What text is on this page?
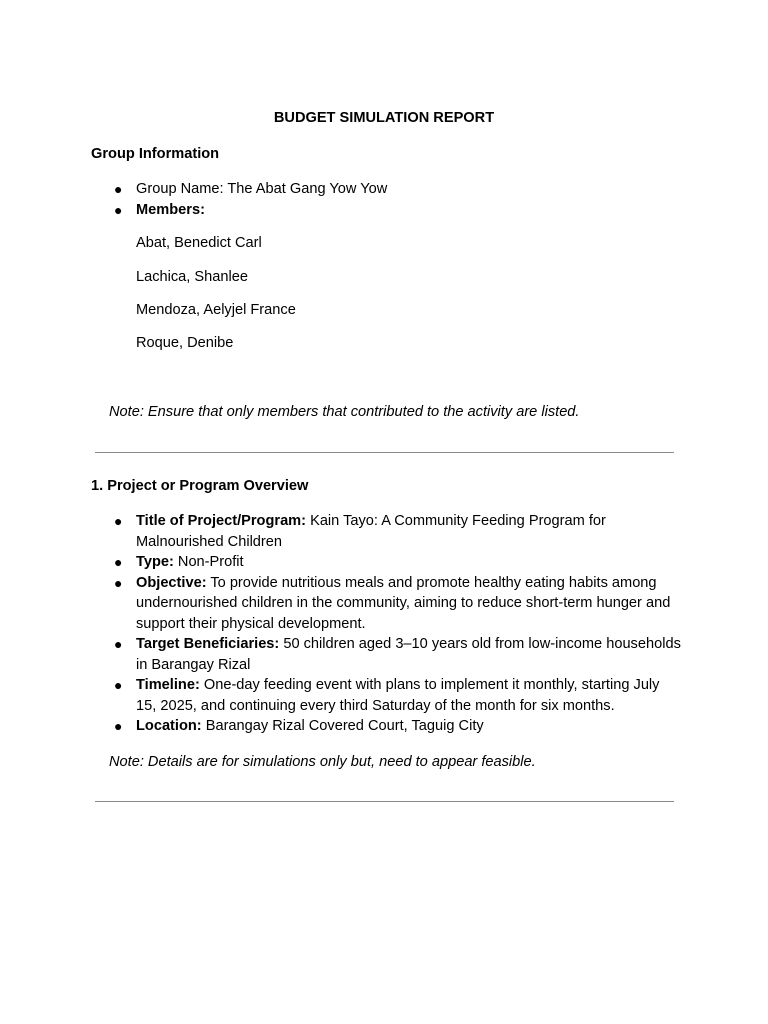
BUDGET SIMULATION REPORT
Group Information
● Group Name: The Abat Gang Yow Yow
● Members:
Abat, Benedict Carl
Lachica, Shanlee
Mendoza, Aelyjel France
Roque, Denibe
Note: Ensure that only members that contributed to the activity are listed.
1. Project or Program Overview
● Title of Project/Program: Kain Tayo: A Community Feeding Program for Malnourished Children
● Type: Non-Profit
● Objective: To provide nutritious meals and promote healthy eating habits among undernourished children in the community, aiming to reduce short-term hunger and support their physical development.
● Target Beneficiaries: 50 children aged 3–10 years old from low-income households in Barangay Rizal
● Timeline: One-day feeding event with plans to implement it monthly, starting July 15, 2025, and continuing every third Saturday of the month for six months.
● Location: Barangay Rizal Covered Court, Taguig City
Note: Details are for simulations only but, need to appear feasible.
